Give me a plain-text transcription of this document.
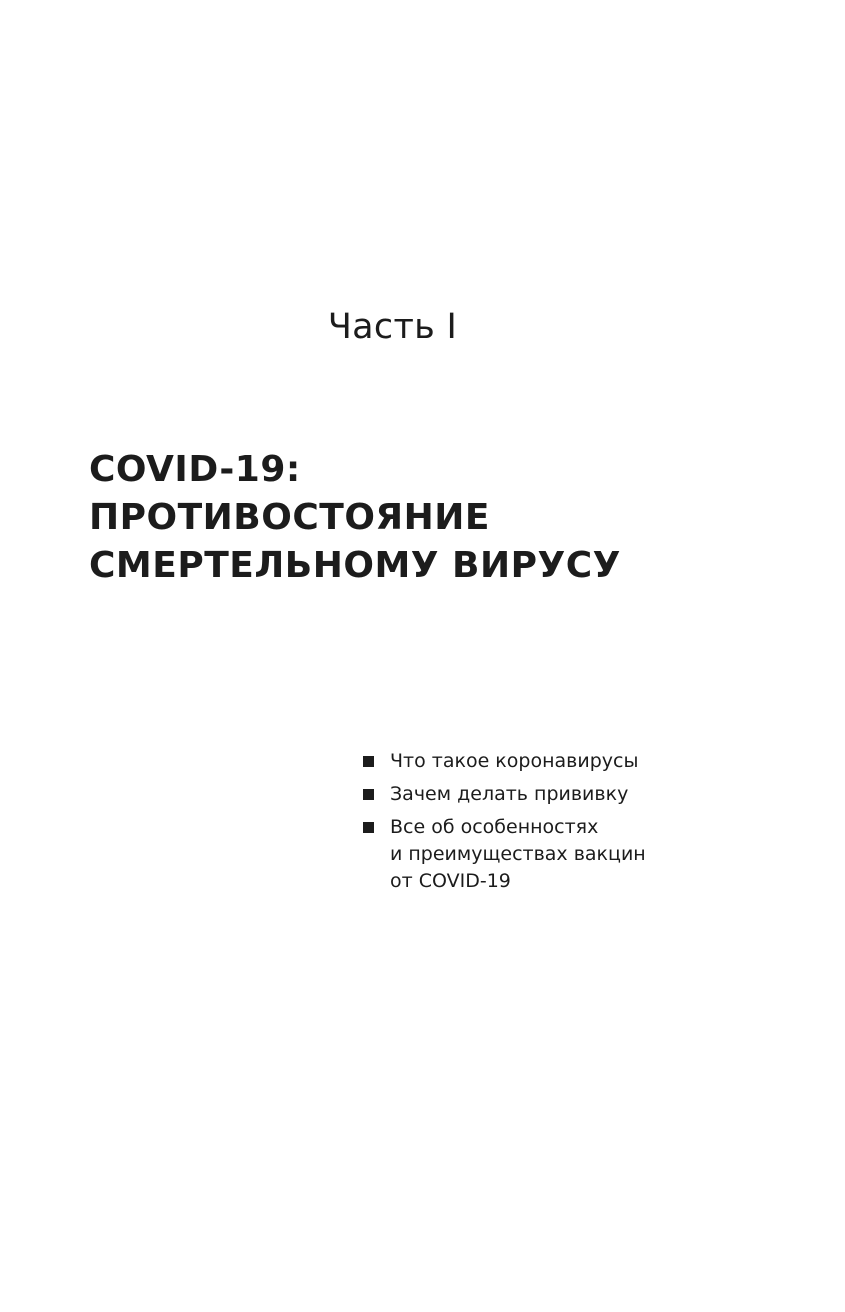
Часть I
COVID-19:
ПРОТИВОСТОЯНИЕ
СМЕРТЕЛЬНОМУ ВИРУСУ
Что такое коронавирусы
Зачем делать прививку
Все об особенностях
и преимуществах вакцин
от COVID-19
